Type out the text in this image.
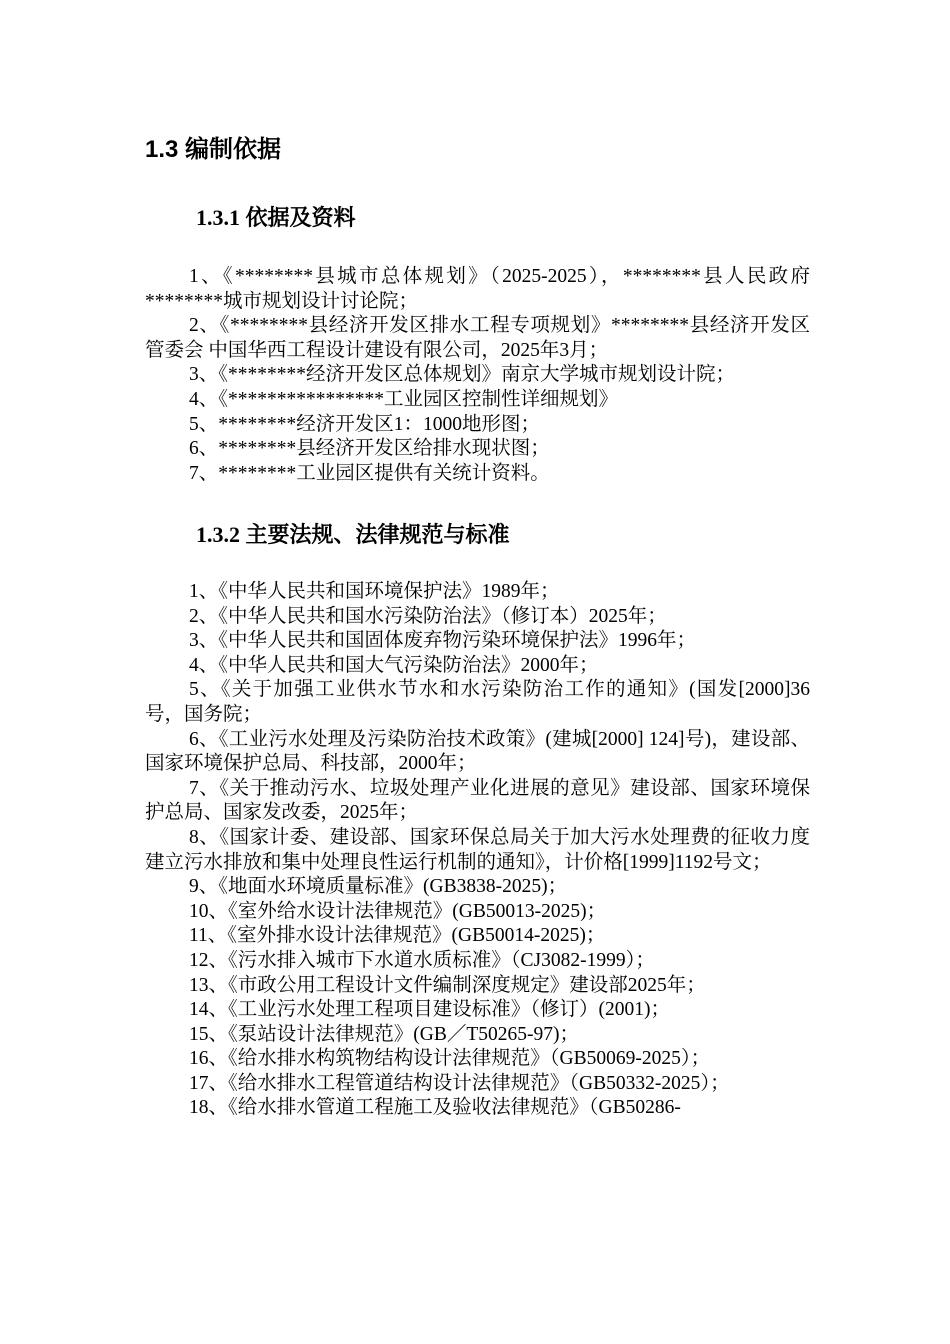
1.3 编制依据
1.3.1 依据及资料

1、《********县城市总体规划》（2025-2025），********县人民政府 ********城市规划设计讨论院；

2、《********县经济开发区排水工程专项规划》********县经济开发区管委会 中国华西工程设计建设有限公司，2025年3月；

3、《********经济开发区总体规划》南京大学城市规划设计院；

4、《****************工业园区控制性详细规划》

5、********经济开发区1：1000地形图；

6、********县经济开发区给排水现状图；

7、********工业园区提供有关统计资料。

1.3.2 主要法规、法律规范与标准

1、《中华人民共和国环境保护法》1989年；

2、《中华人民共和国水污染防治法》（修订本）2025年；

3、《中华人民共和国固体废弃物污染环境保护法》1996年；

4、《中华人民共和国大气污染防治法》2000年；

5、《关于加强工业供水节水和水污染防治工作的通知》(国发[2000]36号，国务院；

6、《工业污水处理及污染防治技术政策》(建城[2000] 124]号)，建设部、国家环境保护总局、科技部，2000年；

7、《关于推动污水、垃圾处理产业化进展的意见》建设部、国家环境保护总局、国家发改委，2025年；

8、《国家计委、建设部、国家环保总局关于加大污水处理费的征收力度建立污水排放和集中处理良性运行机制的通知》，计价格[1999]1192号文；

9、《地面水环境质量标准》(GB3838-2025)；

10、《室外给水设计法律规范》(GB50013-2025)；

11、《室外排水设计法律规范》(GB50014-2025)；

12、《污水排入城市下水道水质标准》（CJ3082-1999）；

13、《市政公用工程设计文件编制深度规定》建设部2025年；

14、《工业污水处理工程项目建设标准》（修订）(2001)；

15、《泵站设计法律规范》(GB／T50265-97)；

16、《给水排水构筑物结构设计法律规范》（GB50069-2025）；

17、《给水排水工程管道结构设计法律规范》（GB50332-2025）；

18、《给水排水管道工程施工及验收法律规范》（GB50286-
